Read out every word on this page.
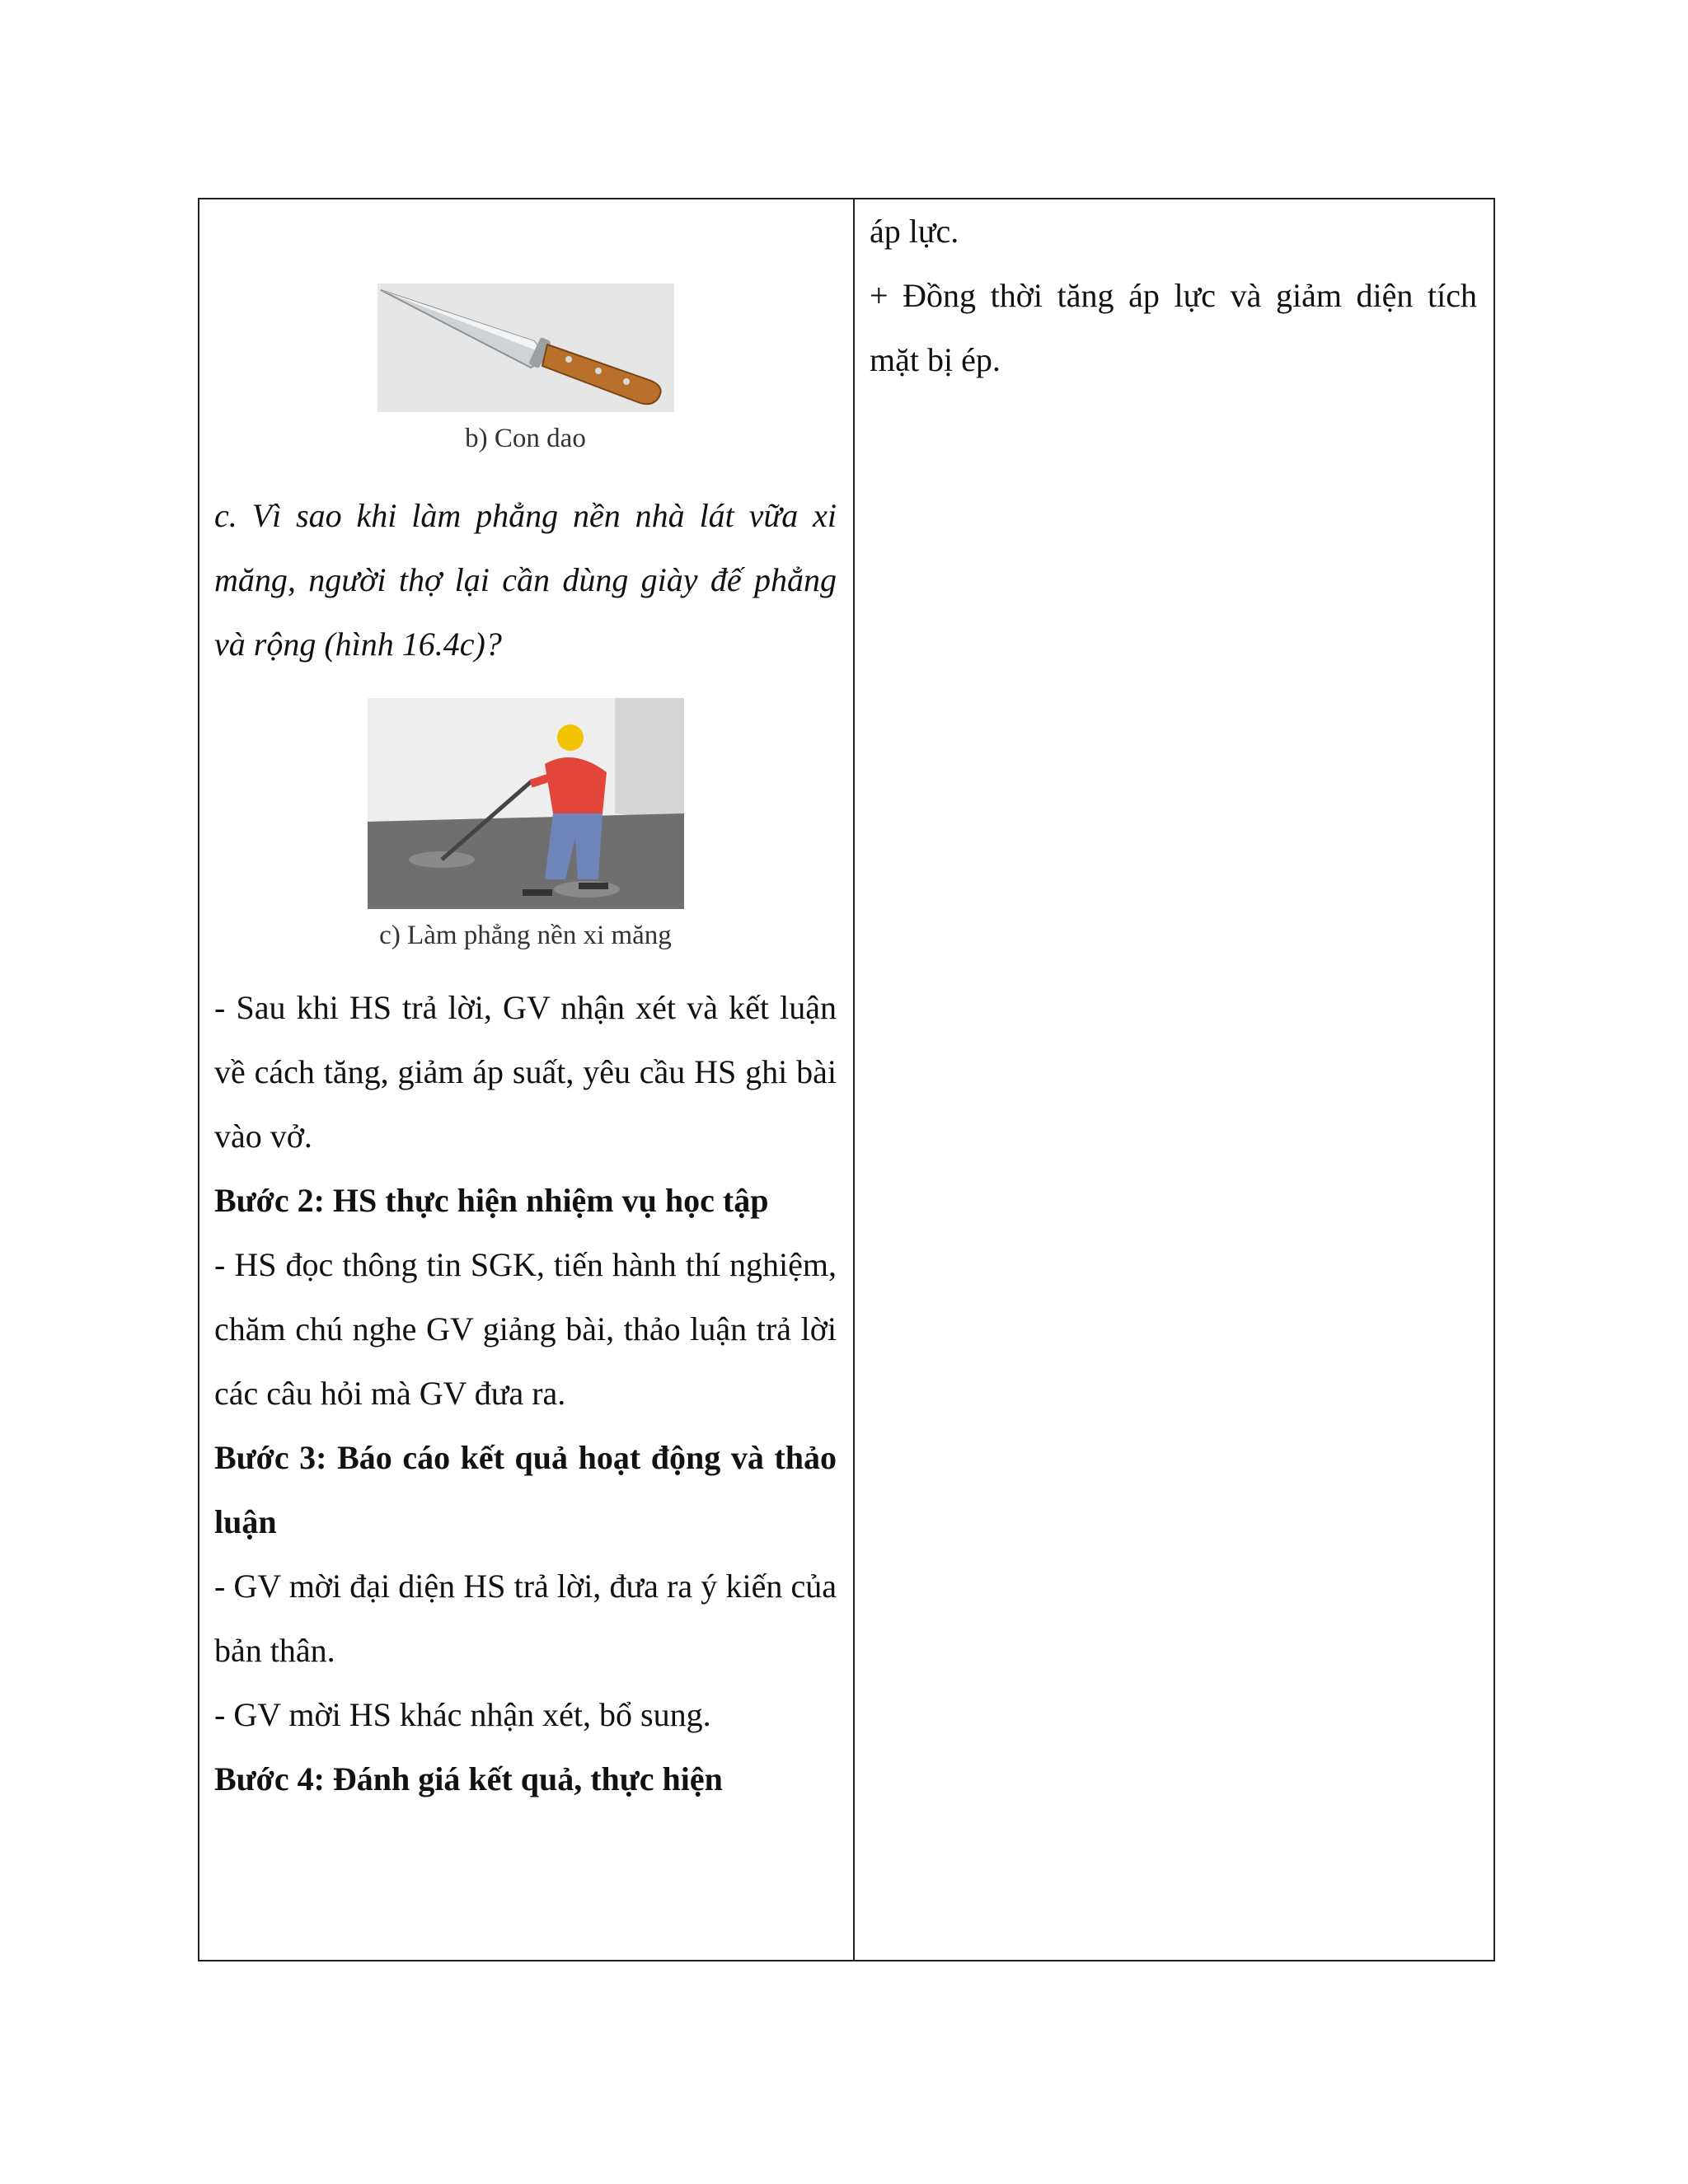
b) Con dao

c. Vì sao khi làm phẳng nền nhà lát vữa xi măng, người thợ lại cần dùng giày đế phẳng và rộng (hình 16.4c)?

c) Làm phẳng nền xi măng

- Sau khi HS trả lời, GV nhận xét và kết luận về cách tăng, giảm áp suất, yêu cầu HS ghi bài vào vở.

Bước 2: HS thực hiện nhiệm vụ học tập

- HS đọc thông tin SGK, tiến hành thí nghiệm, chăm chú nghe GV giảng bài, thảo luận trả lời các câu hỏi mà GV đưa ra.

Bước 3: Báo cáo kết quả hoạt động và thảo luận

- GV mời đại diện HS trả lời, đưa ra ý kiến của bản thân.

- GV mời HS khác nhận xét, bổ sung.

Bước 4: Đánh giá kết quả, thực hiện

áp lực.

+ Đồng thời tăng áp lực và giảm diện tích mặt bị ép.
